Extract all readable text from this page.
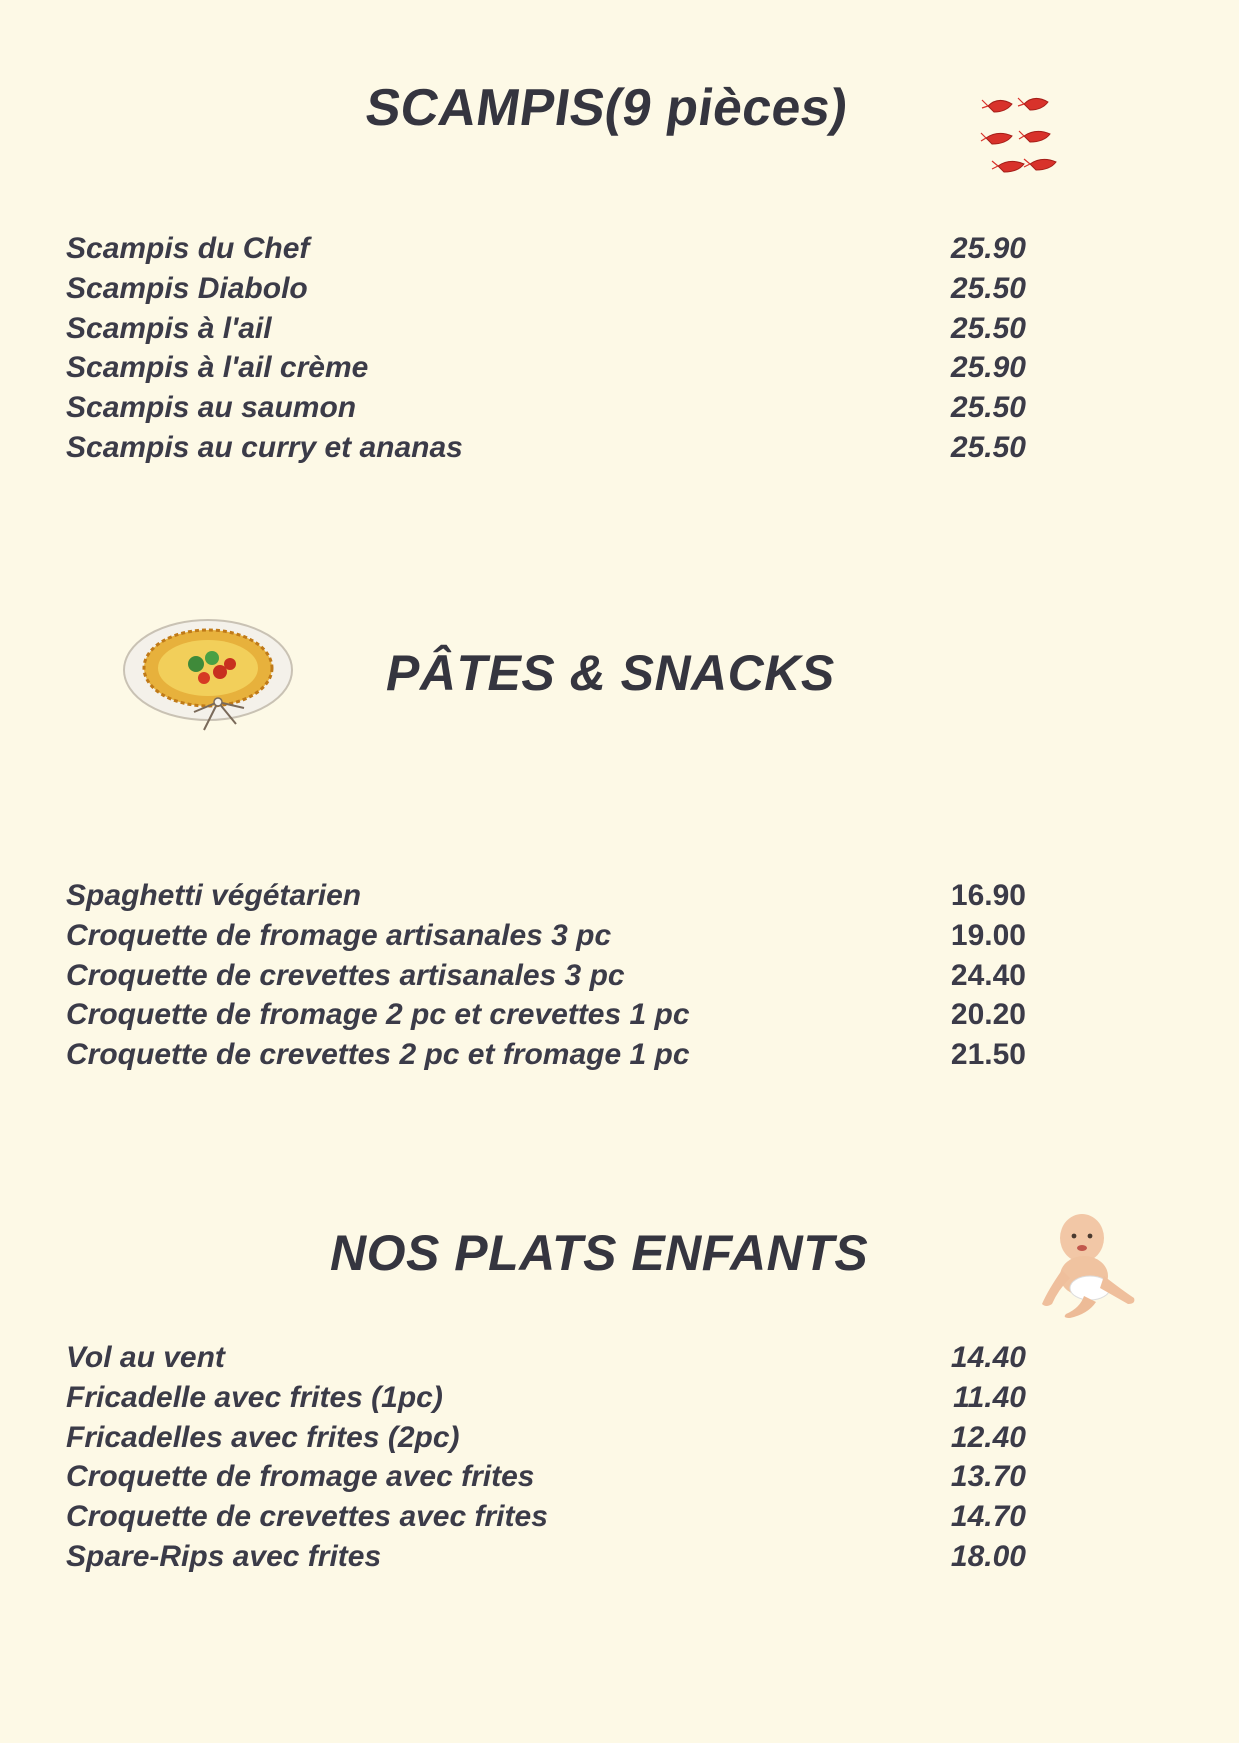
SCAMPIS(9 pièces)
Scampis du Chef	25.90
Scampis Diabolo	25.50
Scampis à l'ail	25.50
Scampis à l'ail crème	25.90
Scampis au saumon	25.50
Scampis au curry et ananas	25.50
PÂTES & SNACKS
Spaghetti végétarien	16.90
Croquette de fromage artisanales 3 pc	19.00
Croquette de crevettes artisanales 3 pc	24.40
Croquette de fromage 2 pc et crevettes 1 pc	20.20
Croquette de crevettes 2 pc et fromage 1 pc	21.50
NOS PLATS ENFANTS
Vol au vent	14.40
Fricadelle avec frites (1pc)	11.40
Fricadelles avec frites (2pc)	12.40
Croquette de fromage avec frites	13.70
Croquette de crevettes avec frites	14.70
Spare-Rips avec frites	18.00
